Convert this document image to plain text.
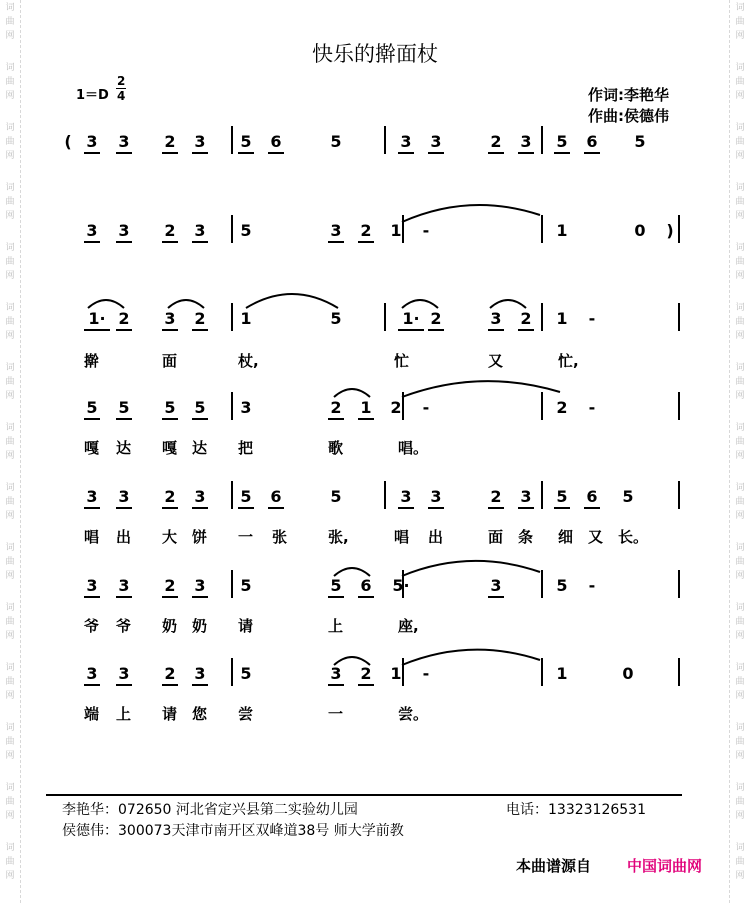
词
曲
网
词
曲
网
词
曲
网
词
曲
网
词
曲
网
词
曲
网
词
曲
网
词
曲
网
词
曲
网
词
曲
网
词
曲
网
词
曲
网
词
曲
网
词
曲
网
词
曲
网
词
曲
网
词
曲
网
词
曲
网
词
曲
网
词
曲
网
词
曲
网
词
曲
网
词
曲
网
词
曲
网
词
曲
网
词
曲
网
词
曲
网
词
曲
网
词
曲
网
词
曲
网
快乐的擀面杖
1＝D
2
4	作词:李艳华
作曲:侯德伟
( 3 3 2 3 5 6	5	3 3	2 3 5 6 5
3 3 2 3 5	3 2 1 -	1	0 )
1· 2 3 2 1	5	1· 2	3 2 1 -
擀	面	杖,	忙	又	忙,
5 5 5 5 3	2 1 2 -	2 -
嘎 达 嘎 达 把	歌	唱。
3 3 2 3 5 6	5	3 3	2 3 5 6 5
唱 出 大 饼 一 张	张,	唱 出	面 条 细 又 长。
3 3 2 3 5	5 6 5·	3	5 -
爷 爷 奶 奶 请	上	座,
3 3 2 3 5	3 2 1 -	1	0
端 上 请 您 尝	一	尝。
李艳华：072650 河北省定兴县第二实验幼儿园	电话：13323126531
侯德伟：300073天津市南开区双峰道38号 师大学前教
本曲谱源自 中国词曲网
